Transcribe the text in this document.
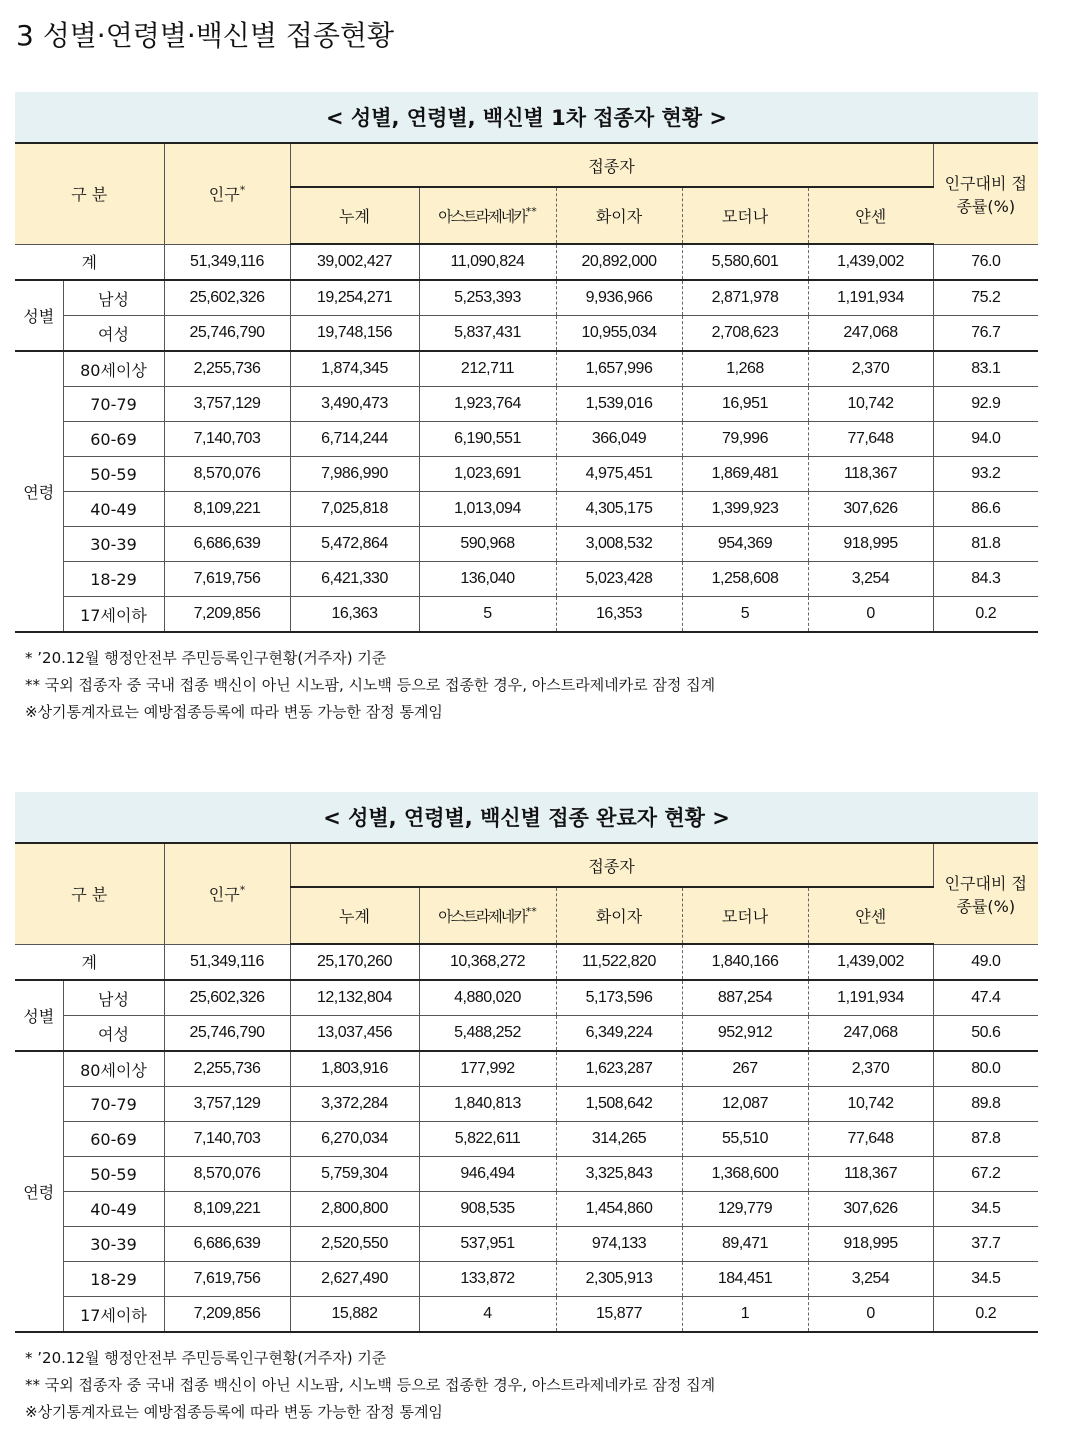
3 성별·연령별·백신별 접종현황
< 성별, 연령별, 백신별 1차 접종자 현황 >
구 분		인구*	접종자					인구대비 접
종률(%)
			누계	아스트라제네카**	화이자	모더나	얀센	
계		51,349,116	39,002,427	11,090,824	20,892,000	5,580,601	1,439,002	76.0
성별	남성	25,602,326	19,254,271	5,253,393	9,936,966	2,871,978	1,191,934	75.2
	여성	25,746,790	19,748,156	5,837,431	10,955,034	2,708,623	247,068	76.7
연령	80세이상	2,255,736	1,874,345	212,711	1,657,996	1,268	2,370	83.1
	70-79	3,757,129	3,490,473	1,923,764	1,539,016	16,951	10,742	92.9
	60-69	7,140,703	6,714,244	6,190,551	366,049	79,996	77,648	94.0
	50-59	8,570,076	7,986,990	1,023,691	4,975,451	1,869,481	118,367	93.2
	40-49	8,109,221	7,025,818	1,013,094	4,305,175	1,399,923	307,626	86.6
	30-39	6,686,639	5,472,864	590,968	3,008,532	954,369	918,995	81.8
	18-29	7,619,756	6,421,330	136,040	5,023,428	1,258,608	3,254	84.3
	17세이하	7,209,856	16,363	5	16,353	5	0	0.2
* ’20.12월 행정안전부 주민등록인구현황(거주자) 기준
** 국외 접종자 중 국내 접종 백신이 아닌 시노팜, 시노백 등으로 접종한 경우, 아스트라제네카로 잠정 집계
※상기통계자료는 예방접종등록에 따라 변동 가능한 잠정 통계임
< 성별, 연령별, 백신별 접종 완료자 현황 >
구 분		인구*	접종자					인구대비 접
종률(%)
			누계	아스트라제네카**	화이자	모더나	얀센	
계		51,349,116	25,170,260	10,368,272	11,522,820	1,840,166	1,439,002	49.0
성별	남성	25,602,326	12,132,804	4,880,020	5,173,596	887,254	1,191,934	47.4
	여성	25,746,790	13,037,456	5,488,252	6,349,224	952,912	247,068	50.6
연령	80세이상	2,255,736	1,803,916	177,992	1,623,287	267	2,370	80.0
	70-79	3,757,129	3,372,284	1,840,813	1,508,642	12,087	10,742	89.8
	60-69	7,140,703	6,270,034	5,822,611	314,265	55,510	77,648	87.8
	50-59	8,570,076	5,759,304	946,494	3,325,843	1,368,600	118,367	67.2
	40-49	8,109,221	2,800,800	908,535	1,454,860	129,779	307,626	34.5
	30-39	6,686,639	2,520,550	537,951	974,133	89,471	918,995	37.7
	18-29	7,619,756	2,627,490	133,872	2,305,913	184,451	3,254	34.5
	17세이하	7,209,856	15,882	4	15,877	1	0	0.2
* ’20.12월 행정안전부 주민등록인구현황(거주자) 기준
** 국외 접종자 중 국내 접종 백신이 아닌 시노팜, 시노백 등으로 접종한 경우, 아스트라제네카로 잠정 집계
※상기통계자료는 예방접종등록에 따라 변동 가능한 잠정 통계임
